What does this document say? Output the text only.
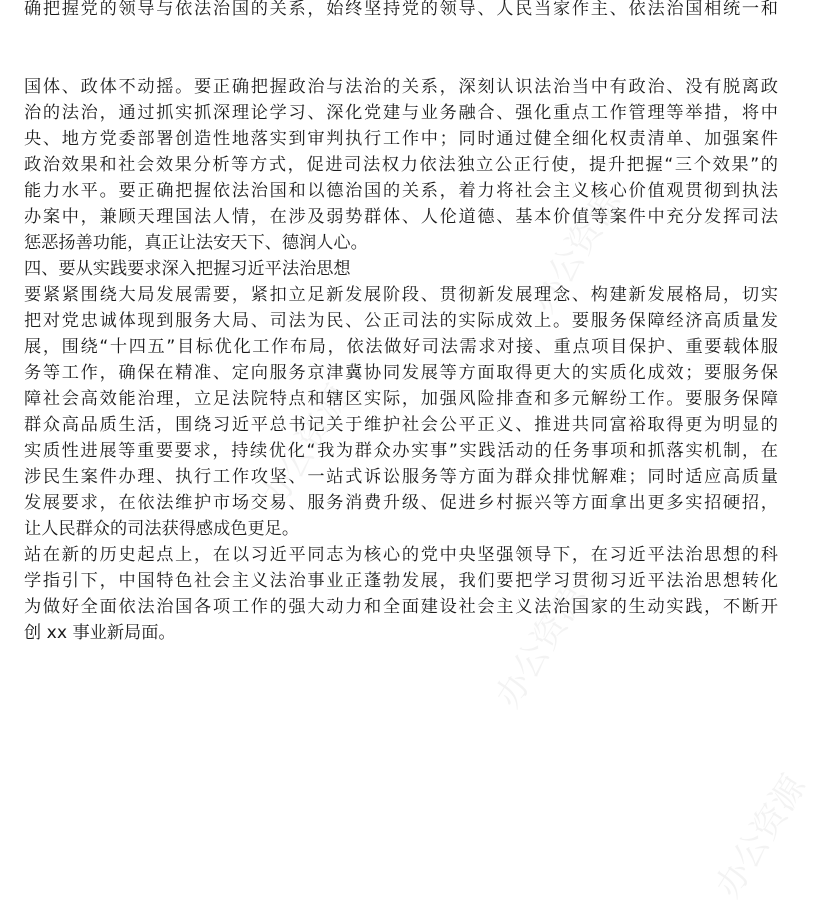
办公资源
办公资源
办公资源
办公资源
确把握党的领导与依法治国的关系，始终坚持党的领导、人民当家作主、依法治国相统一和
国体、政体不动摇。要正确把握政治与法治的关系，深刻认识法治当中有政治、没有脱离政
治的法治，通过抓实抓深理论学习、深化党建与业务融合、强化重点工作管理等举措，将中
央、地方党委部署创造性地落实到审判执行工作中；同时通过健全细化权责清单、加强案件
政治效果和社会效果分析等方式，促进司法权力依法独立公正行使，提升把握“三个效果”的
能力水平。要正确把握依法治国和以德治国的关系，着力将社会主义核心价值观贯彻到执法
办案中，兼顾天理国法人情，在涉及弱势群体、人伦道德、基本价值等案件中充分发挥司法
惩恶扬善功能，真正让法安天下、德润人心。
四、要从实践要求深入把握习近平法治思想
要紧紧围绕大局发展需要，紧扣立足新发展阶段、贯彻新发展理念、构建新发展格局，切实
把对党忠诚体现到服务大局、司法为民、公正司法的实际成效上。要服务保障经济高质量发
展，围绕“十四五”目标优化工作布局，依法做好司法需求对接、重点项目保护、重要载体服
务等工作，确保在精准、定向服务京津冀协同发展等方面取得更大的实质化成效；要服务保
障社会高效能治理，立足法院特点和辖区实际，加强风险排查和多元解纷工作。要服务保障
群众高品质生活，围绕习近平总书记关于维护社会公平正义、推进共同富裕取得更为明显的
实质性进展等重要要求，持续优化“我为群众办实事”实践活动的任务事项和抓落实机制，在
涉民生案件办理、执行工作攻坚、一站式诉讼服务等方面为群众排忧解难；同时适应高质量
发展要求，在依法维护市场交易、服务消费升级、促进乡村振兴等方面拿出更多实招硬招，
让人民群众的司法获得感成色更足。
站在新的历史起点上，在以习近平同志为核心的党中央坚强领导下，在习近平法治思想的科
学指引下，中国特色社会主义法治事业正蓬勃发展，我们要把学习贯彻习近平法治思想转化
为做好全面依法治国各项工作的强大动力和全面建设社会主义法治国家的生动实践，不断开
创 xx 事业新局面。
